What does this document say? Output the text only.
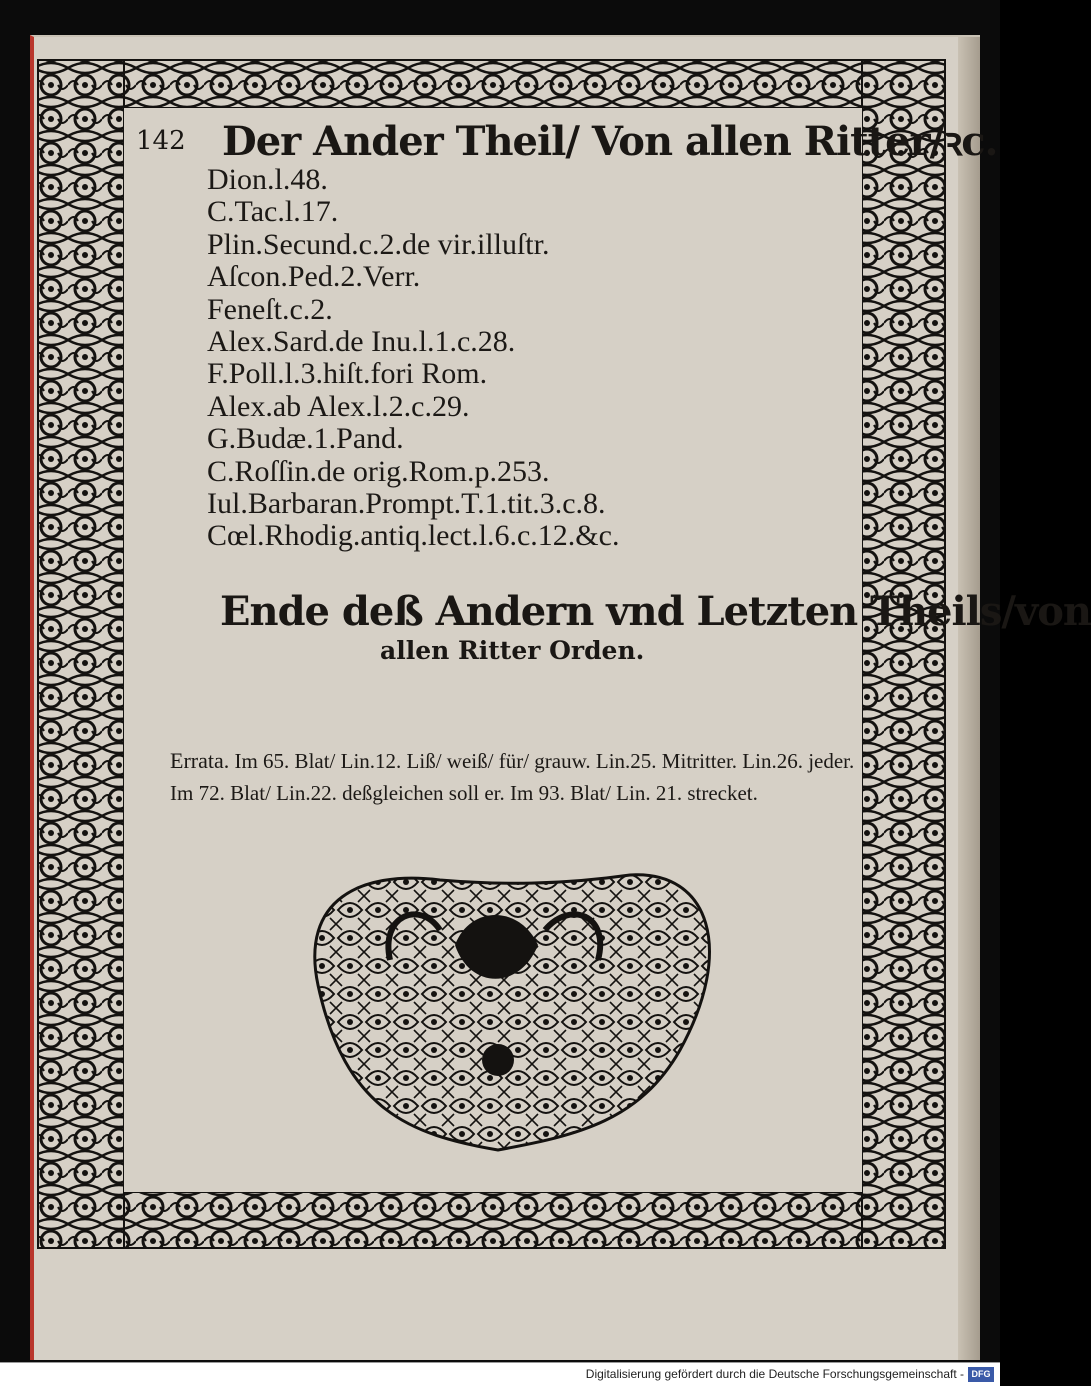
142 Der Ander Theil/ Von allen Ritter/ꝛc.
Dion.l.48.
C.Tac.l.17.
Plin.Secund.c.2.de vir.illuſtr.
Aſcon.Ped.2.Verr.
Feneſt.c.2.
Alex.Sard.de Inu.l.1.c.28.
F.Poll.l.3.hiſt.fori Rom.
Alex.ab Alex.l.2.c.29.
G.Budæ.1.Pand.
C.Roſſin.de orig.Rom.p.253.
Iul.Barbaran.Prompt.T.1.tit.3.c.8.
Cœl.Rhodig.antiq.lect.l.6.c.12.&c.
Ende deß Andern vnd Letzten Theils/von
allen Ritter Orden.
Errata. Im 65. Blat/ Lin.12. Liß/ weiß/ für/ grauw. Lin.25. Mitritter. Lin.26. jeder. Im 72. Blat/ Lin.22. deßgleichen soll er. Im 93. Blat/ Lin. 21. strecket.
Digitalisierung gefördert durch die Deutsche Forschungsgemeinschaft - DFG
